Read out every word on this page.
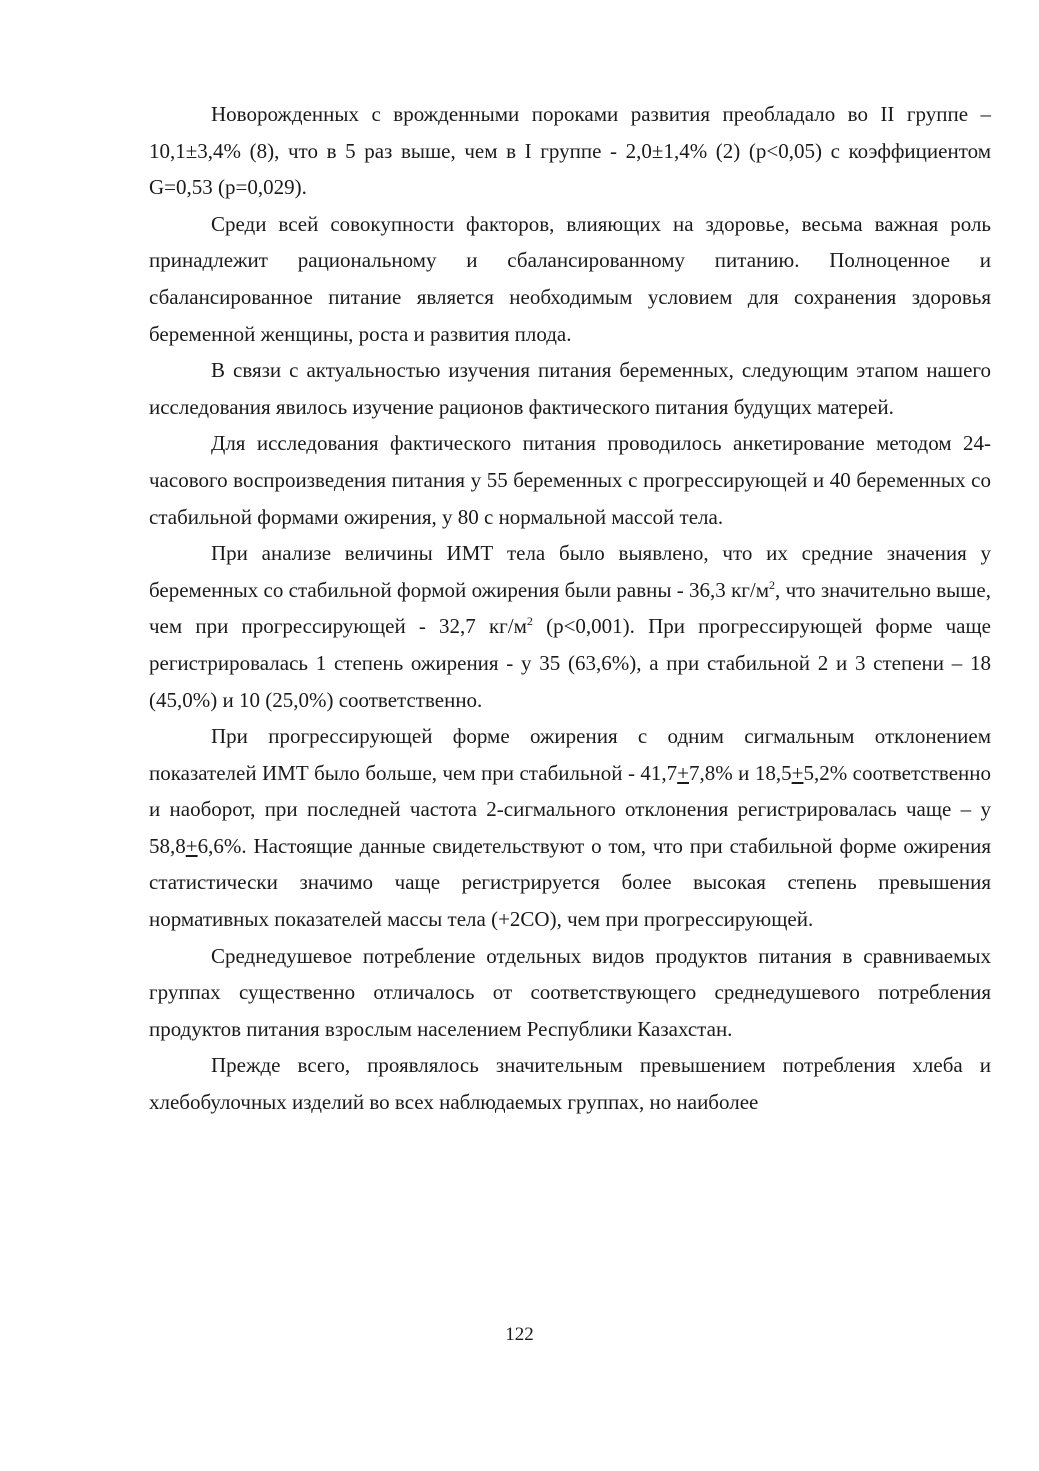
Новорожденных с врожденными пороками развития преобладало во II группе – 10,1±3,4% (8), что в 5 раз выше, чем в I группе - 2,0±1,4% (2) (р<0,05) с коэффициентом G=0,53 (р=0,029).

Среди всей совокупности факторов, влияющих на здоровье, весьма важная роль принадлежит рациональному и сбалансированному питанию. Полноценное и сбалансированное питание является необходимым условием для сохранения здоровья беременной женщины, роста и развития плода.

В связи с актуальностью изучения питания беременных, следующим этапом нашего исследования явилось изучение рационов фактического питания будущих матерей.

Для исследования фактического питания проводилось анкетирование методом 24-часового воспроизведения питания у 55 беременных с прогрессирующей и 40 беременных со стабильной формами ожирения, у 80 с нормальной массой тела.

При анализе величины ИМТ тела было выявлено, что их средние значения у беременных со стабильной формой ожирения были равны - 36,3 $кг/м^2$, что значительно выше, чем при прогрессирующей - 32,7 $кг/м^2$ (р<0,001). При прогрессирующей форме чаще регистрировалась 1 степень ожирения - у 35 (63,6%), а при стабильной 2 и 3 степени – 18 (45,0%) и 10 (25,0%) соответственно.

При прогрессирующей форме ожирения с одним сигмальным отклонением показателей ИМТ было больше, чем при стабильной - 41,7+7,8% и 18,5+5,2% соответственно и наоборот, при последней частота 2-сигмального отклонения регистрировалась чаще – у 58,8+6,6%. Настоящие данные свидетельствуют о том, что при стабильной форме ожирения статистически значимо чаще регистрируется более высокая степень превышения нормативных показателей массы тела (+2СО), чем при прогрессирующей.

Среднедушевое потребление отдельных видов продуктов питания в сравниваемых группах существенно отличалось от соответствующего среднедушевого потребления продуктов питания взрослым населением Республики Казахстан.

Прежде всего, проявлялось значительным превышением потребления хлеба и хлебобулочных изделий во всех наблюдаемых группах, но наиболее

122
